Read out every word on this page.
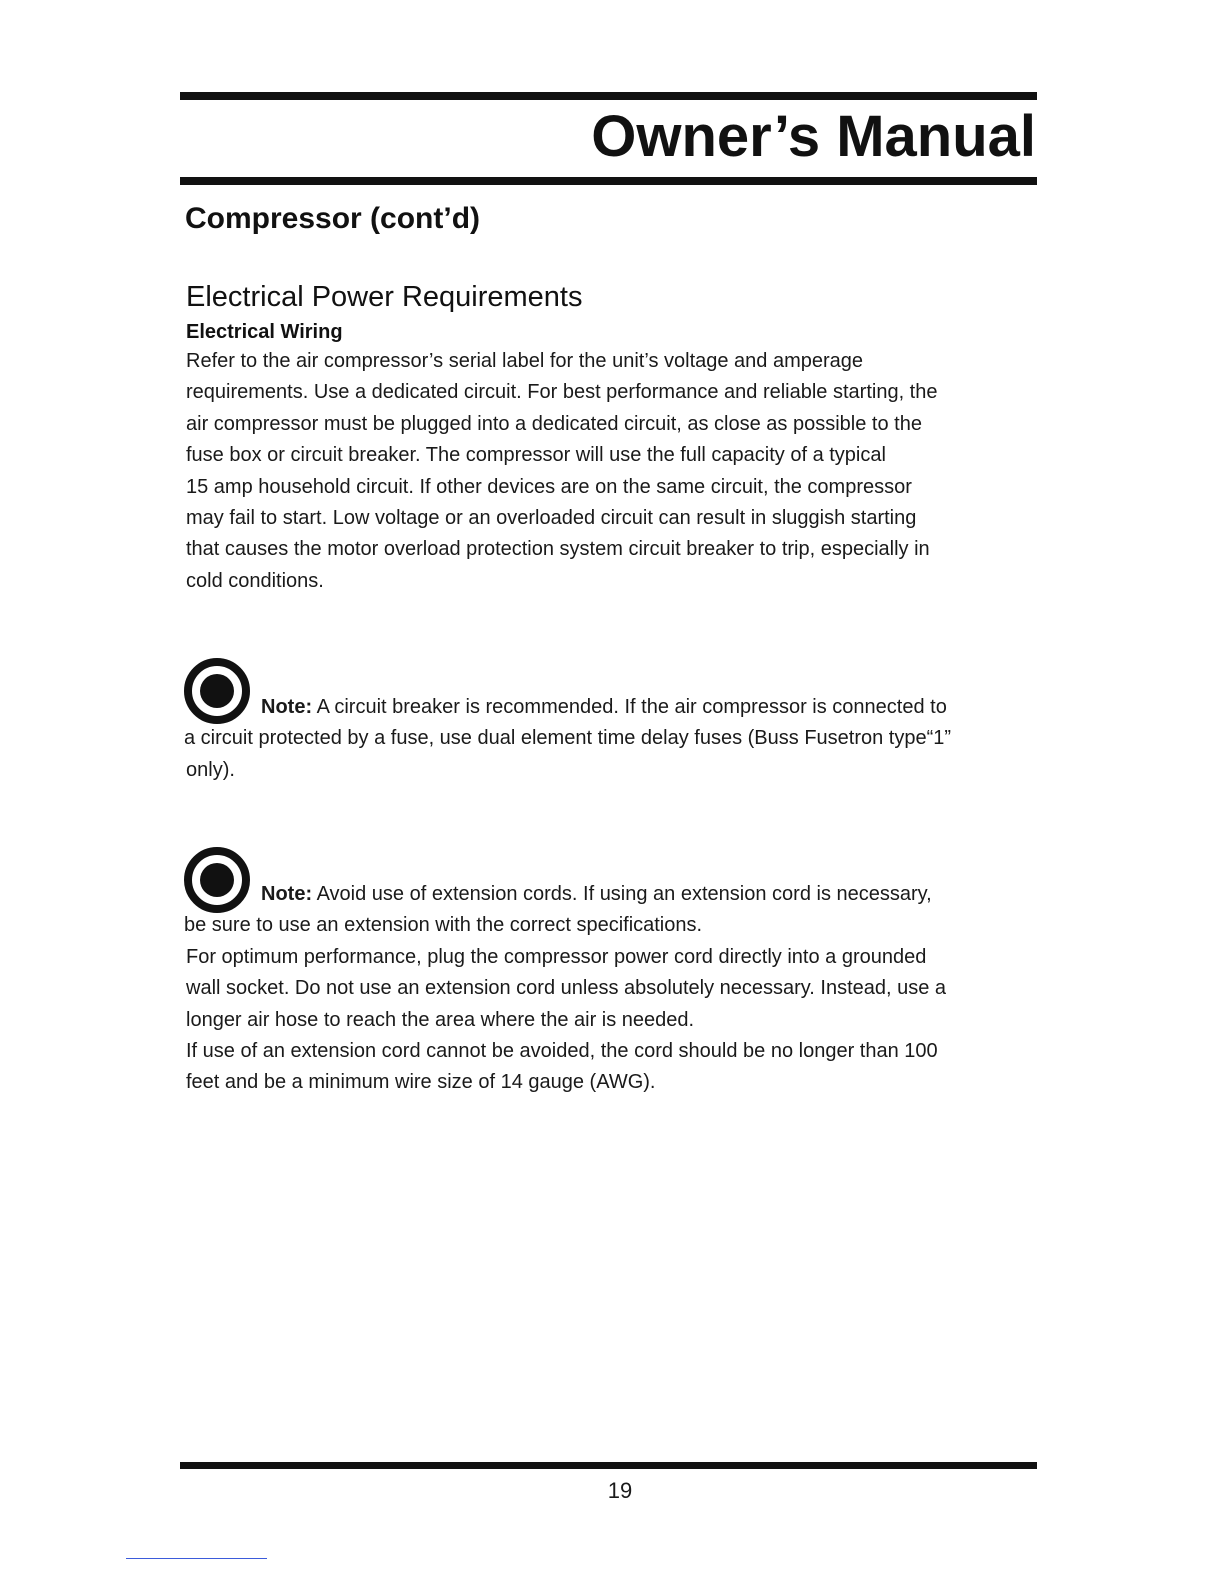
Owner’s Manual
Compressor (cont’d)
Electrical Power Requirements
Electrical Wiring
Refer to the air compressor’s serial label for the unit’s voltage and amperage
requirements. Use a dedicated circuit. For best performance and reliable starting, the
air compressor must be plugged into a dedicated circuit, as close as possible to the
fuse box or circuit breaker. The compressor will use the full capacity of a typical
15 amp household circuit. If other devices are on the same circuit, the compressor
may fail to start. Low voltage or an overloaded circuit can result in sluggish starting
that causes the motor overload protection system circuit breaker to trip, especially in
cold conditions.
Note: A circuit breaker is recommended. If the air compressor is connected to
a circuit protected by a fuse, use dual element time delay fuses (Buss Fusetron type“1”
only).
Note: Avoid use of extension cords. If using an extension cord is necessary,
be sure to use an extension with the correct specifications.
For optimum performance, plug the compressor power cord directly into a grounded
wall socket. Do not use an extension cord unless absolutely necessary. Instead, use a
longer air hose to reach the area where the air is needed.
If use of an extension cord cannot be avoided, the cord should be no longer than 100
feet and be a minimum wire size of 14 gauge (AWG).
19
